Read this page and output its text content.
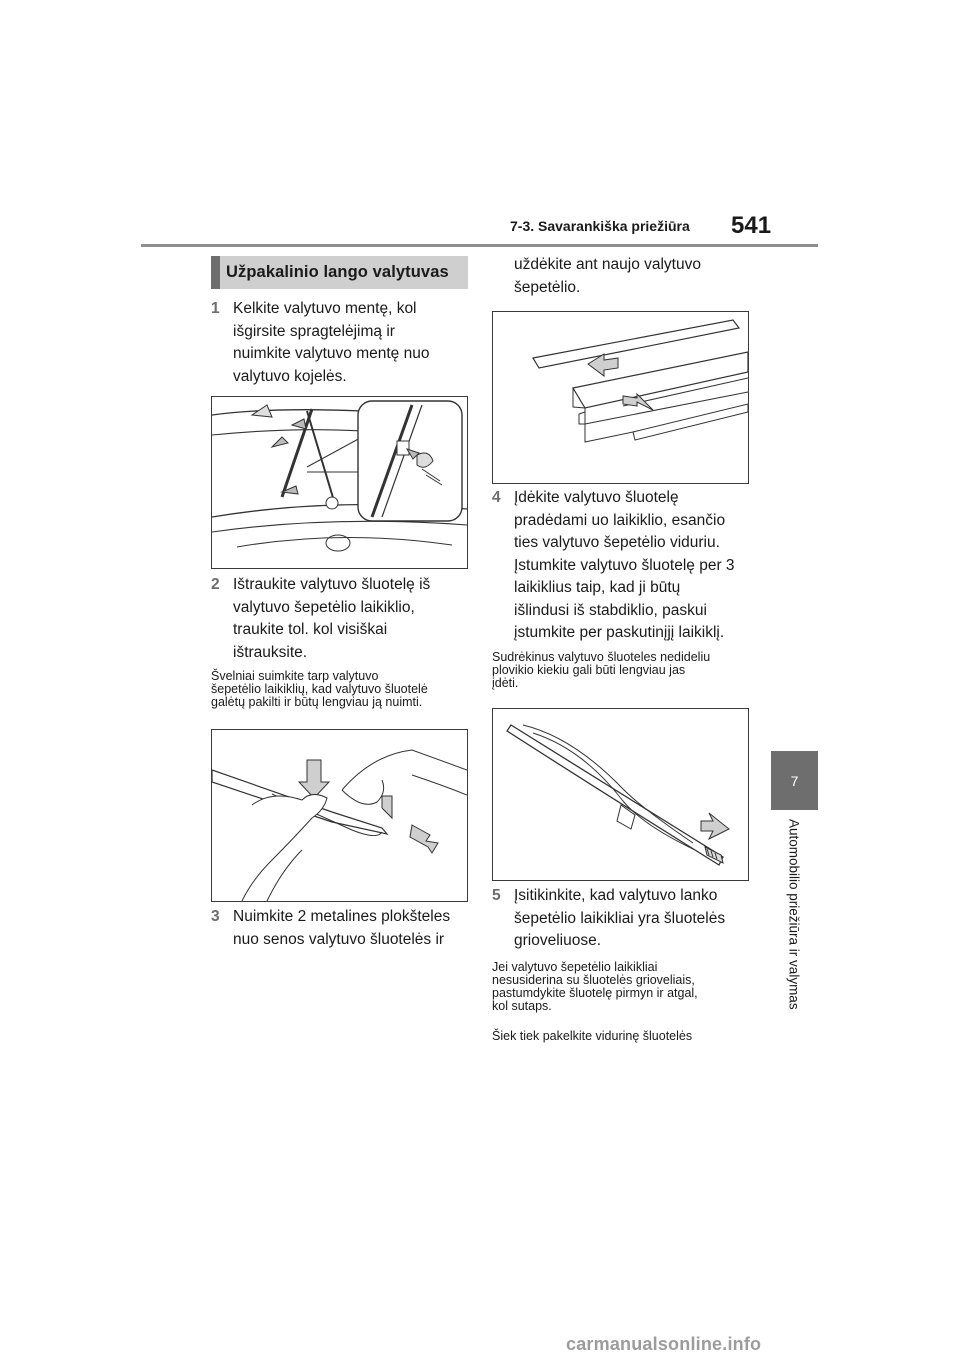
7-3. Savarankiška priežiūra 541
7
Automobilio priežiūra ir valymas
Užpakalinio lango valytuvas
1 Kelkite valytuvo mentę, kol
išgirsite spragtelėjimą ir
nuimkite valytuvo mentę nuo
valytuvo kojelės.
2 Ištraukite valytuvo šluotelę iš
valytuvo šepetėlio laikiklio,
traukite tol. kol visiškai
ištrauksite.
Švelniai suimkite tarp valytuvo
šepetėlio laikiklių, kad valytuvo šluotelė
galėtų pakilti ir būtų lengviau ją nuimti.
3 Nuimkite 2 metalines plokšteles
nuo senos valytuvo šluotelės ir
uždėkite ant naujo valytuvo
šepetėlio.
4 Įdėkite valytuvo šluotelę
pradėdami uo laikiklio, esančio
ties valytuvo šepetėlio viduriu.
Įstumkite valytuvo šluotelę per 3
laikiklius taip, kad ji būtų
išlindusi iš stabdiklio, paskui
įstumkite per paskutinįjį laikiklį.
Sudrėkinus valytuvo šluoteles nedideliu
plovikio kiekiu gali būti lengviau jas
įdėti.
5 Įsitikinkite, kad valytuvo lanko
šepetėlio laikikliai yra šluotelės
grioveliuose.
Jei valytuvo šepetėlio laikikliai
nesusiderina su šluotelės grioveliais,
pastumdykite šluotelę pirmyn ir atgal,
kol sutaps.
Šiek tiek pakelkite vidurinę šluotelės
carmanualsonline.info
